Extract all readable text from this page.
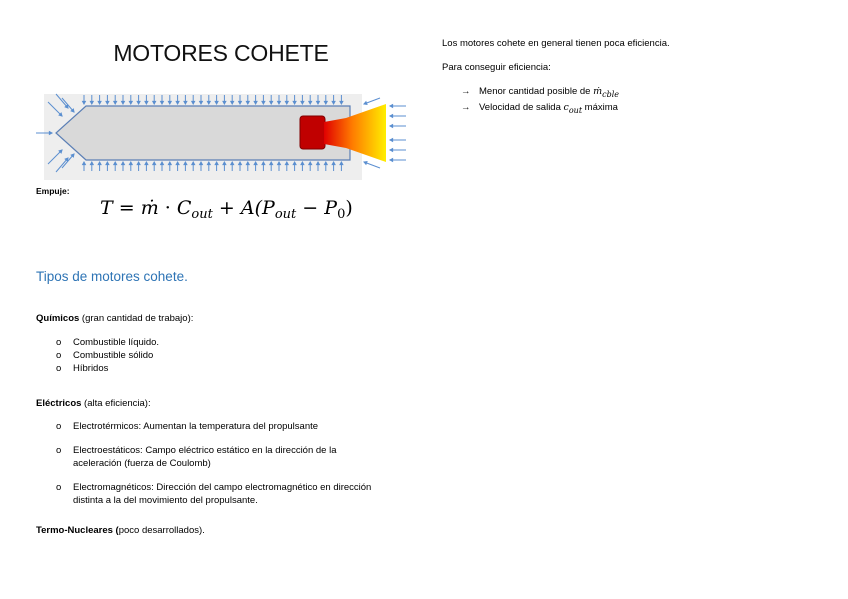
MOTORES COHETE
Empuje:
T = ṁ · $C_{out} + A(P_{out} - P_0)$
Tipos de motores cohete.
Químicos (gran cantidad de trabajo):
o Combustible líquido.
o Combustible sólido
o Híbridos
Eléctricos (alta eficiencia):
o Electrotérmicos: Aumentan la temperatura del propulsante
o Electroestáticos: Campo eléctrico estático en la dirección de la aceleración (fuerza de Coulomb)
o Electromagnéticos: Dirección del campo electromagnético en dirección distinta a la del movimiento del propulsante.
Termo-Nucleares (poco desarrollados).
Los motores cohete en general tienen poca eficiencia.
Para conseguir eficiencia:
→ Menor cantidad posible de ṁ$_{cble}$
→ Velocidad de salida $c_{out}$ máxima
